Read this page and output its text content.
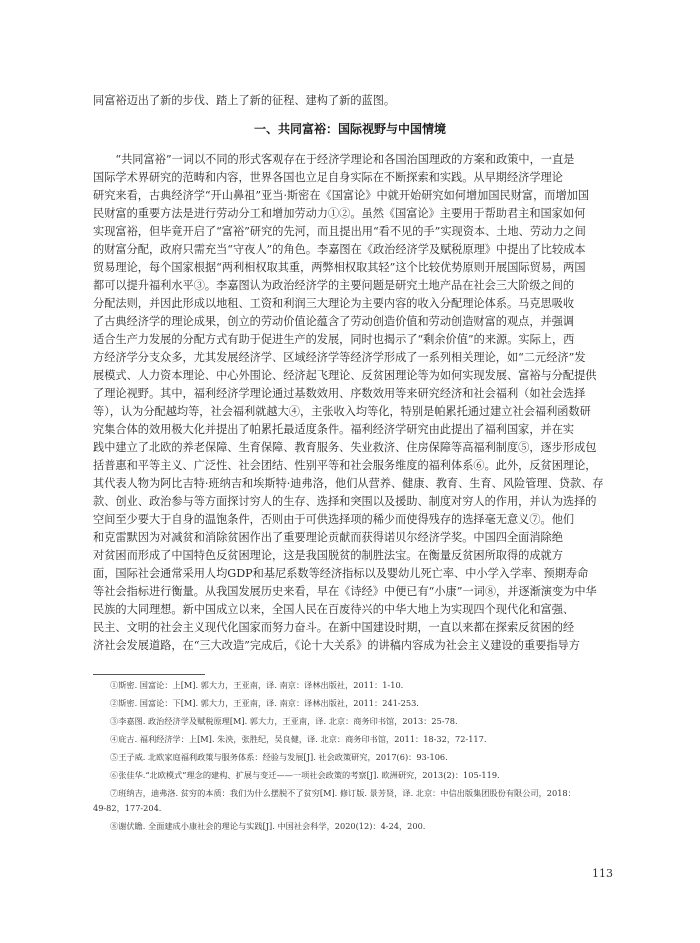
同富裕迈出了新的步伐、踏上了新的征程、建构了新的蓝图。
一、共同富裕：国际视野与中国情境
　　“共同富裕”一词以不同的形式客观存在于经济学理论和各国治国理政的方案和政策中，一直是
国际学术界研究的范畴和内容，世界各国也立足自身实际在不断探索和实践。从早期经济学理论
研究来看，古典经济学“开山鼻祖”亚当·斯密在《国富论》中就开始研究如何增加国民财富，而增加国
民财富的重要方法是进行劳动分工和增加劳动力①②。虽然《国富论》主要用于帮助君主和国家如何
实现富裕，但毕竟开启了“富裕”研究的先河，而且提出用“看不见的手”实现资本、土地、劳动力之间
的财富分配，政府只需充当“守夜人”的角色。李嘉图在《政治经济学及赋税原理》中提出了比较成本
贸易理论，每个国家根据“两利相权取其重，两弊相权取其轻”这个比较优势原则开展国际贸易，两国
都可以提升福利水平③。李嘉图认为政治经济学的主要问题是研究土地产品在社会三大阶级之间的
分配法则，并因此形成以地租、工资和利润三大理论为主要内容的收入分配理论体系。马克思吸收
了古典经济学的理论成果，创立的劳动价值论蕴含了劳动创造价值和劳动创造财富的观点，并强调
适合生产力发展的分配方式有助于促进生产的发展，同时也揭示了“剩余价值”的来源。实际上，西
方经济学分支众多，尤其发展经济学、区域经济学等经济学形成了一系列相关理论，如“二元经济”发
展模式、人力资本理论、中心外围论、经济起飞理论、反贫困理论等为如何实现发展、富裕与分配提供
了理论视野。其中，福利经济学理论通过基数效用、序数效用等来研究经济和社会福利（如社会选择
等），认为分配越均等，社会福利就越大④，主张收入均等化，特别是帕累托通过建立社会福利函数研
究集合体的效用极大化并提出了帕累托最适度条件。福利经济学研究由此提出了福利国家，并在实
践中建立了北欧的养老保障、生育保障、教育服务、失业救济、住房保障等高福利制度⑤，逐步形成包
括普惠和平等主义、广泛性、社会团结、性别平等和社会服务维度的福利体系⑥。此外，反贫困理论，
其代表人物为阿比吉特·班纳吉和埃斯特·迪弗洛，他们从营养、健康、教育、生育、风险管理、贷款、存
款、创业、政治参与等方面探讨穷人的生存、选择和突围以及援助、制度对穷人的作用，并认为选择的
空间至少要大于自身的温饱条件，否则由于可供选择项的稀少而使得残存的选择毫无意义⑦。他们
和克雷默因为对减贫和消除贫困作出了重要理论贡献而获得诺贝尔经济学奖。中国四全面消除绝
对贫困而形成了中国特色反贫困理论，这是我国脱贫的制胜法宝。在衡量反贫困所取得的成就方
面，国际社会通常采用人均GDP和基尼系数等经济指标以及婴幼儿死亡率、中小学入学率、预期寿命
等社会指标进行衡量。从我国发展历史来看，早在《诗经》中便已有“小康”一词⑧，并逐渐演变为中华
民族的大同理想。新中国成立以来，全国人民在百废待兴的中华大地上为实现四个现代化和富强、
民主、文明的社会主义现代化国家而努力奋斗。在新中国建设时期，一直以来都在探索反贫困的经
济社会发展道路，在“三大改造”完成后，《论十大关系》的讲稿内容成为社会主义建设的重要指导方
①斯密. 国富论：上[M]. 郭大力，王亚南，译. 南京：译林出版社，2011：1-10.
②斯密. 国富论：下[M]. 郭大力，王亚南，译. 南京：译林出版社，2011：241-253.
③李嘉图. 政治经济学及赋税原理[M]. 郭大力，王亚南，译. 北京：商务印书馆，2013：25-78.
④庇古. 福利经济学：上[M]. 朱泱，张胜纪，吴良健，译. 北京：商务印书馆，2011：18-32，72-117.
⑤王子威. 北欧家庭福利政策与服务体系：经验与发展[J]. 社会政策研究，2017(6)：93-106.
⑥张佳华.“北欧模式”理念的建构、扩展与变迁——一项社会政策的考察[J]. 欧洲研究，2013(2)：105-119.
⑦班纳吉，迪弗洛. 贫穷的本质：我们为什么摆脱不了贫穷[M]. 修订版. 景芳贤，译. 北京：中信出版集团股份有限公司，2018：
49-82，177-204.
⑧谢伏瞻. 全面建成小康社会的理论与实践[J]. 中国社会科学，2020(12)：4-24，200.
113
